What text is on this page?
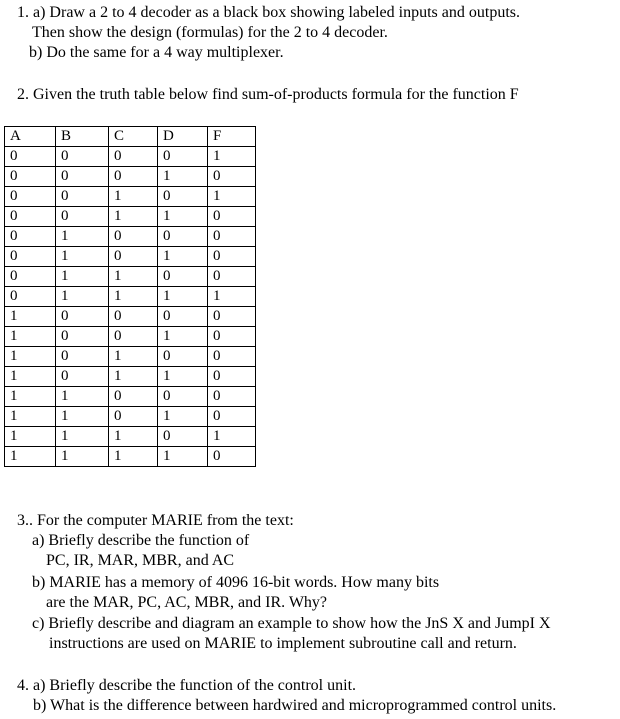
1. a) Draw a 2 to 4 decoder as a black box showing labeled inputs and outputs.
Then show the design (formulas) for the 2 to 4 decoder.
b) Do the same for a 4 way multiplexer.
2. Given the truth table below find sum-of-products formula for the function F
A	B	C	D	F
0	0	0	0	1
0	0	0	1	0
0	0	1	0	1
0	0	1	1	0
0	1	0	0	0
0	1	0	1	0
0	1	1	0	0
0	1	1	1	1
1	0	0	0	0
1	0	0	1	0
1	0	1	0	0
1	0	1	1	0
1	1	0	0	0
1	1	0	1	0
1	1	1	0	1
1	1	1	1	0
3.. For the computer MARIE from the text:
a) Briefly describe the function of
PC, IR, MAR, MBR, and AC
b) MARIE has a memory of 4096 16-bit words. How many bits
are the MAR, PC, AC, MBR, and IR. Why?
c) Briefly describe and diagram an example to show how the JnS X and JumpI X
instructions are used on MARIE to implement subroutine call and return.
4. a) Briefly describe the function of the control unit.
b) What is the difference between hardwired and microprogrammed control units.
